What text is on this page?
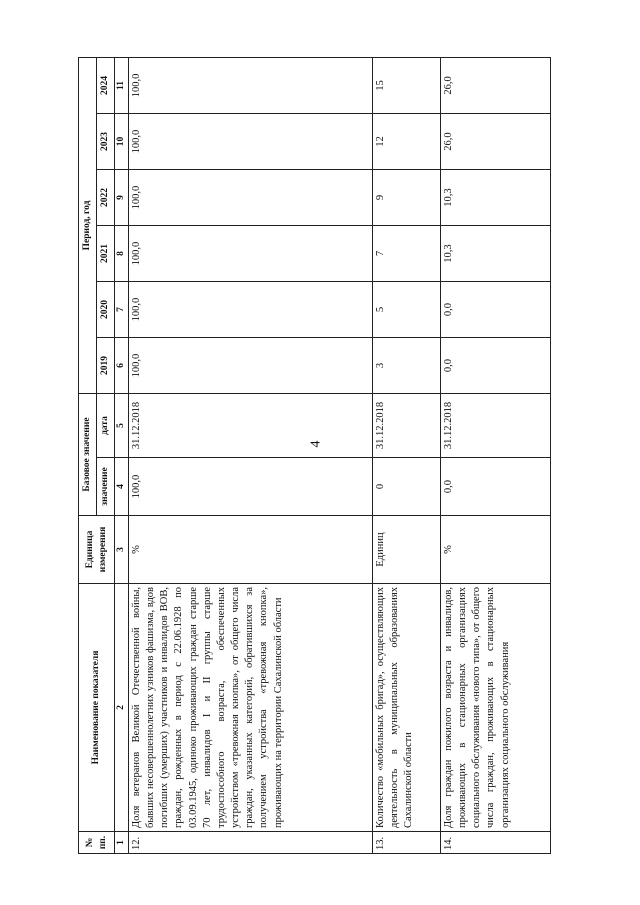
4
№ пп.	Наименование показателя	Единица измерения	Базовое значение		Период, год					
			значение	дата	2019	2020	2021	2022	2023	2024
1	2	3	4	5	6	7	8	9	10	11
12.	Доля ветеранов Великой Отечественной войны, бывших несовершеннолетних узников фашизма, вдов погибших (умерших) участников и инвалидов ВОВ, граждан, рожденных в период с 22.06.1928 по 03.09.1945, одиноко проживающих граждан старше 70 лет, инвалидов I и II группы старше трудоспособного возраста, обеспеченных устройством «тревожная кнопка», от общего числа граждан, указанных категорий, обратившихся за получением устройства «тревожная кнопка», проживающих на территории Сахалинской области	%	100,0	31.12.2018	100,0	100,0	100,0	100,0	100,0	100,0
13.	Количество «мобильных бригад», осуществляющих деятельность в муниципальных образованиях Сахалинской области	Единиц	0	31.12.2018	3	5	7	9	12	15
14.	Доля граждан пожилого возраста и инвалидов, проживающих в стационарных организациях социального обслуживания «нового типа», от общего числа граждан, проживающих в стационарных организациях социального обслуживания	%	0,0	31.12.2018	0,0	0,0	10,3	10,3	26,0	26,0
